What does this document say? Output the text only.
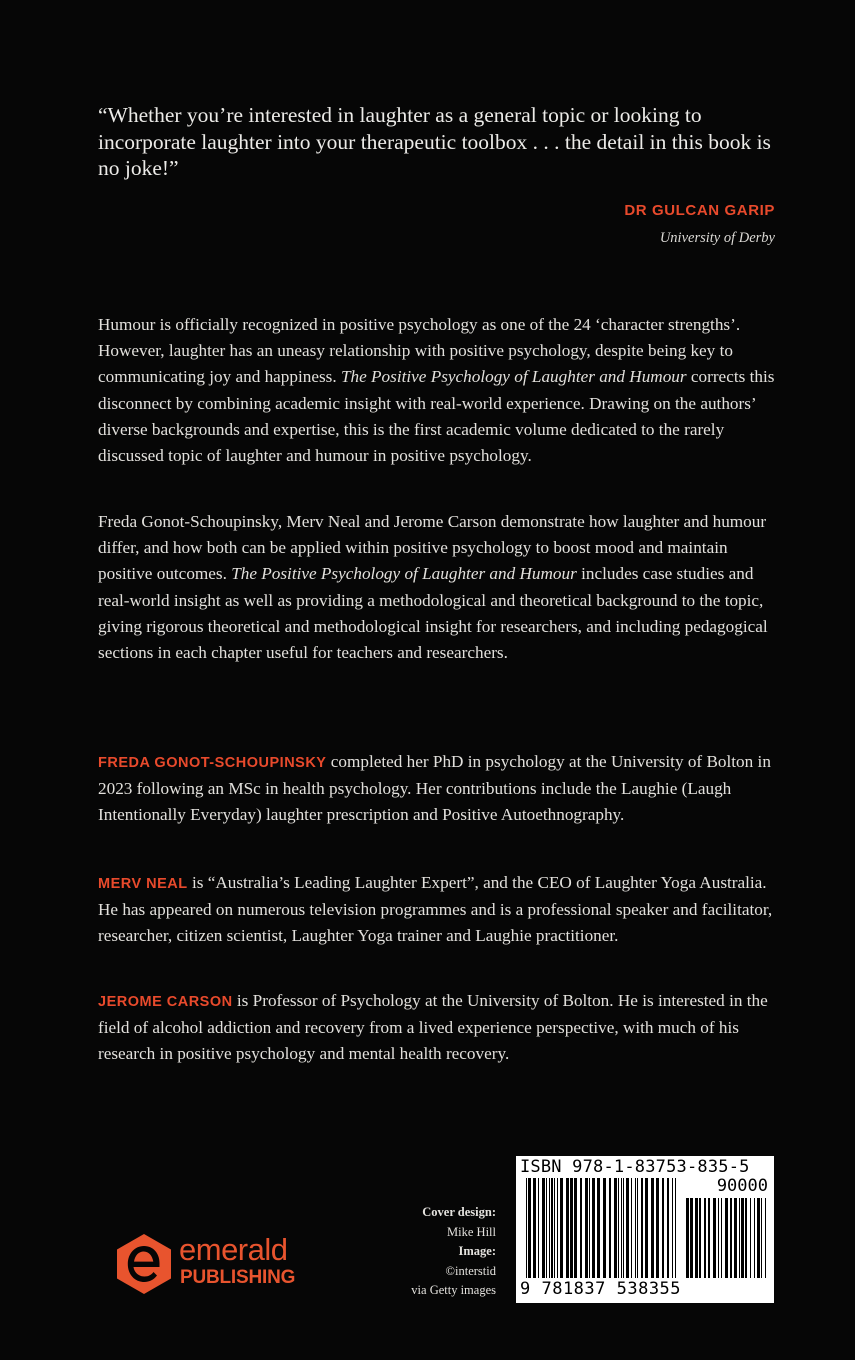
“Whether you’re interested in laughter as a general topic or looking to incorporate laughter into your therapeutic toolbox . . . the detail in this book is no joke!”
DR GULCAN GARIP
University of Derby

Humour is officially recognized in positive psychology as one of the 24 ‘character strengths’. However, laughter has an uneasy relationship with positive psychology, despite being key to communicating joy and happiness. The Positive Psychology of Laughter and Humour corrects this disconnect by combining academic insight with real-world experience. Drawing on the authors’ diverse backgrounds and expertise, this is the first academic volume dedicated to the rarely discussed topic of laughter and humour in positive psychology.

Freda Gonot-Schoupinsky, Merv Neal and Jerome Carson demonstrate how laughter and humour differ, and how both can be applied within positive psychology to boost mood and maintain positive outcomes. The Positive Psychology of Laughter and Humour includes case studies and real-world insight as well as providing a methodological and theoretical background to the topic, giving rigorous theoretical and methodological insight for researchers, and including pedagogical sections in each chapter useful for teachers and researchers.

FREDA GONOT-SCHOUPINSKY completed her PhD in psychology at the University of Bolton in 2023 following an MSc in health psychology. Her contributions include the Laughie (Laugh Intentionally Everyday) laughter prescription and Positive Autoethnography.

MERV NEAL is “Australia’s Leading Laughter Expert”, and the CEO of Laughter Yoga Australia. He has appeared on numerous television programmes and is a professional speaker and facilitator, researcher, citizen scientist, Laughter Yoga trainer and Laughie practitioner.

JEROME CARSON is Professor of Psychology at the University of Bolton. He is interested in the field of alcohol addiction and recovery from a lived experience perspective, with much of his research in positive psychology and mental health recovery.

emerald
PUBLISHING
Cover design:
Mike Hill
Image:
©interstid
via Getty images
ISBN 978-1-83753-835-5
90000
9 781837 538355
